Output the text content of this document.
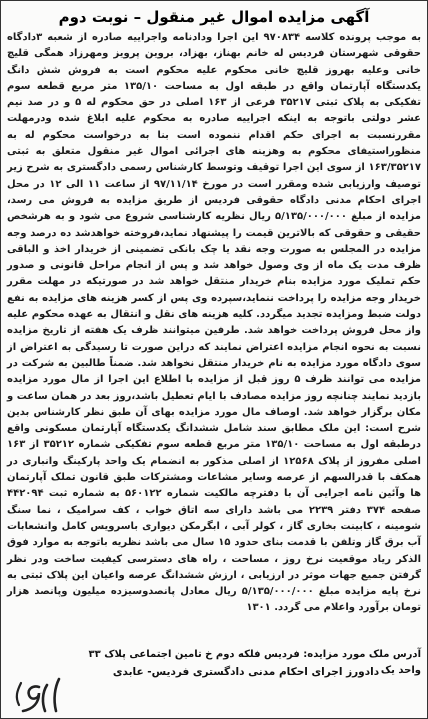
آگهی مزایده اموال غیر منقول – نوبت دوم

به موجب پرونده کلاسه ۹۷۰۸۳۴ این اجرا ودادنامه واجراییه صادره از شعبه ۳دادگاه حقوقی شهرستان فردیس له خانم بهناز، بهزاد، بروین پرویز ومهرزاد همگی قلیچ خانی وعلیه بهروز قلیچ خانی محکوم علیه محکوم است به فروش شش دانگ یکدستگاه آپارتمان واقع در طبقه اول به مساحت ۱۳۵/۱۰ متر مربع قطعه سوم تفکیکی به پلاک ثبتی ۳۵۲۱۷ فرعی از ۱۶۳ اصلی در حق محکوم له ۵ و در صد نیم عشر دولتی باتوجه به اینکه اجراییه صادره به محکوم علیه ابلاغ شده ودرمهلت مقررنسبت به اجرای حکم اقدام ننموده است بنا به درخواست محکوم له به منظوراستیفای محکوم به وهزینه های اجرائی اموال غیر منقول متعلق به ثبتی ۱۶۳/۳۵۲۱۷ از سوی این اجرا توقیف وتوسط کارشناس رسمی دادگستری به شرح زیر توصیف وارزیابی شده ومقرر است در مورخ ۹۷/۱۱/۱۴ از ساعت ۱۱ الی ۱۲ در محل اجرای احکام مدنی دادگاه حقوقی فردیس از طریق مزایده به فروش می رسد، مزایده از مبلغ ۵/۱۳۵/۰۰۰/۰۰۰ ریال نظریه کارشناسی شروع می شود و به هرشخص حقیقی و حقوقی که بالاترین قیمت را پیشنهاد نماید،فروخته خواهدشد ده درصد وجه مزایده در المجلس به صورت وجه نقد یا چک بانکی تضمینی از خریدار اخذ و الباقی ظرف مدت یک ماه از وی وصول خواهد شد و پس از انجام مراحل قانونی و صدور حکم تملیک مورد مزایده بنام خریدار منتقل خواهد شد در صورتیکه در مهلت مقرر خریدار وجه مزایده را پرداخت ننماید،سپرده وی پس از کسر هزینه های مزایده به نفع دولت ضبط ومزایده تجدید میگردد. کلیه هزینه های نقل و انتقال به عهده محکوم علیه واز محل فروش پرداخت خواهد شد. طرفین میتوانند ظرف یک هفته از تاریخ مزایده نسبت به نحوه انجام مزایده اعتراض نمایند که دراین صورت تا رسیدگی به اعتراض از سوی دادگاه مورد مزایده به نام خریدار منتقل نخواهد شد. ضمناً طالبین به شرکت در مزایده می توانند ظرف ۵ روز قبل از مزایده با اطلاع این اجرا از مال مورد مزایده بازدید نمایند چنانچه روز مزایده مصادف با ایام تعطیل باشد،روز بعد در همان ساعت و مکان برگزار خواهد شد. اوصاف مال مورد مزایده بهای آن طبق نظر کارشناس بدین شرح است: این ملک مطابق سند شامل ششدانگ یکدستگاه آپارتمان مسکونی واقع درطبقه اول به مساحت ۱۳۵/۱۰ متر مربع قطعه سوم تفکیکی شماره ۳۵۲۱۲ از ۱۶۳ اصلی مفروز از پلاک ۱۲۵۶۸ از اصلی مذکور به انضمام یک واحد پارکینگ وانباری در همکف با قدرالسهم از عرصه وسایر مشاعات ومشترکات طبق قانون تملک آپارتمان ها وآئین نامه اجرایی آن با دفترچه مالکیت شماره ۵۶۰۱۲۲ به شماره ثبت ۴۴۲۰۹۴ صفحه ۳۷۴ دفتر ۲۲۳۹ می باشد دارای سه اتاق خواب ، کف سرامیک ، نما سنگ شومینه ، کابینت بخاری گاز ، کولر آبی ، ابگرمکن دیواری باسرویس کامل وانشعابات آب برق گاز وتلفن با قدمت بنای حدود ۱۵ سال می باشد نظریه باتوجه به موارد فوق الذکر ریاد موقعیت نرخ روز ، مساحت ، راه های دسترسی کیفیت ساخت ودر نظر گرفتن جمیع جهات موثر در ارزیابی ، ارزش ششدانگ عرصه واعیان این پلاک ثبتی به نرخ پایه مزایده مبلغ ۵/۱۳۵/۰۰۰/۰۰۰ ریال معادل پانصدوسیزده میلیون وپانصد هزار تومان برآورد واعلام می گردد. ۱۳۰۱

آدرس ملک مورد مزایده: فردیس فلکه دوم خ تامین اجتماعی پلاک ۳۳ واحد یک
دادورز اجرای احکام مدنی دادگستری فردیس- عابدی
